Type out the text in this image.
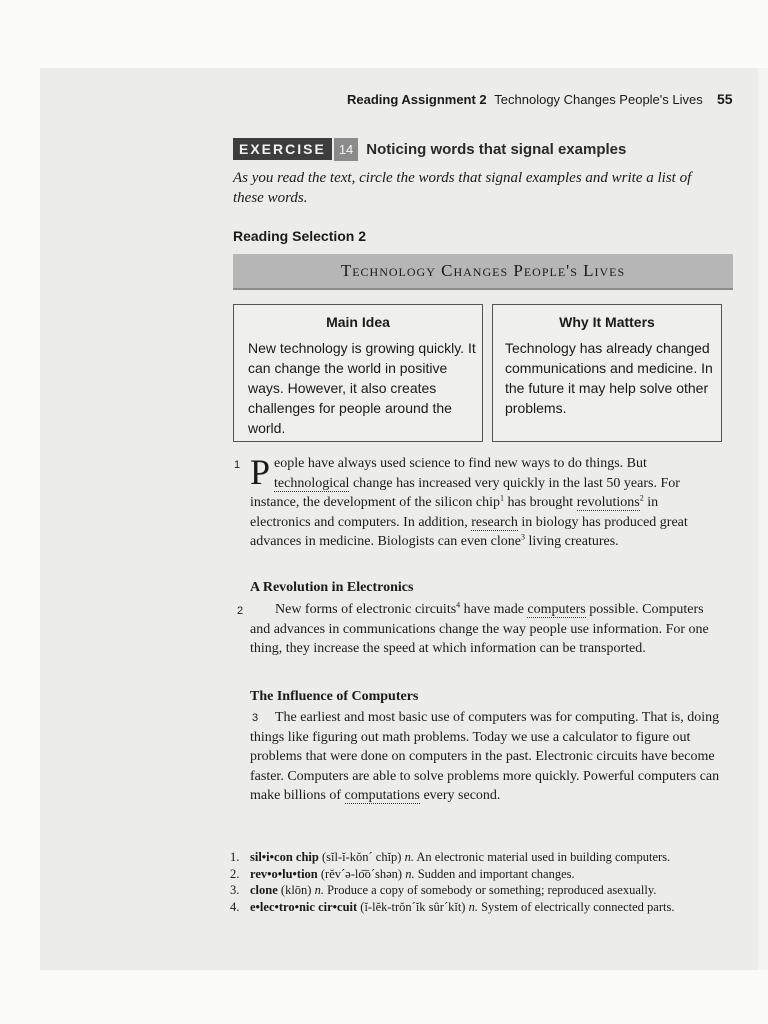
Reading Assignment 2 Technology Changes People's Lives 55
EXERCISE	14 Noticing words that signal examples

As you read the text, circle the words that signal examples and write a list of these words.

Reading Selection 2
Technology Changes People's Lives
Main Idea

New technology is growing quickly. It can change the world in positive ways. However, it also creates challenges for people around the world.

Why It Matters

Technology has already changed communications and medicine. In the future it may help solve other problems.

1 People have always used science to find new ways to do things. But technological change has increased very quickly in the last 50 years. For instance, the development of the silicon chip$^1$ has brought revolutions$^2$ in electronics and computers. In addition, research in biology has produced great advances in medicine. Biologists can even clone$^3$ living creatures.

A Revolution in Electronics
2	New forms of electronic circuits$^4$ have made computers possible. Computers and advances in communications change the way people use information. For one thing, they increase the speed at which information can be transported.

The Influence of Computers
3	The earliest and most basic use of computers was for computing. That is, doing things like figuring out math problems. Today we use a calculator to figure out problems that were done on computers in the past. Electronic circuits have become faster. Computers are able to solve problems more quickly. Powerful computers can make billions of computations every second.

1. sil•i•con chip (sĭl-ĭ-kŏn´ chĭp) n. An electronic material used in building computers.
2. rev•o•lu•tion (rĕv´ə-lo͞o´shən) n. Sudden and important changes.
3. clone (klōn) n. Produce a copy of somebody or something; reproduced asexually.
4. e•lec•tro•nic cir•cuit (ĭ-lĕk-trŏn´ĭk sûr´kĭt) n. System of electrically connected parts.
